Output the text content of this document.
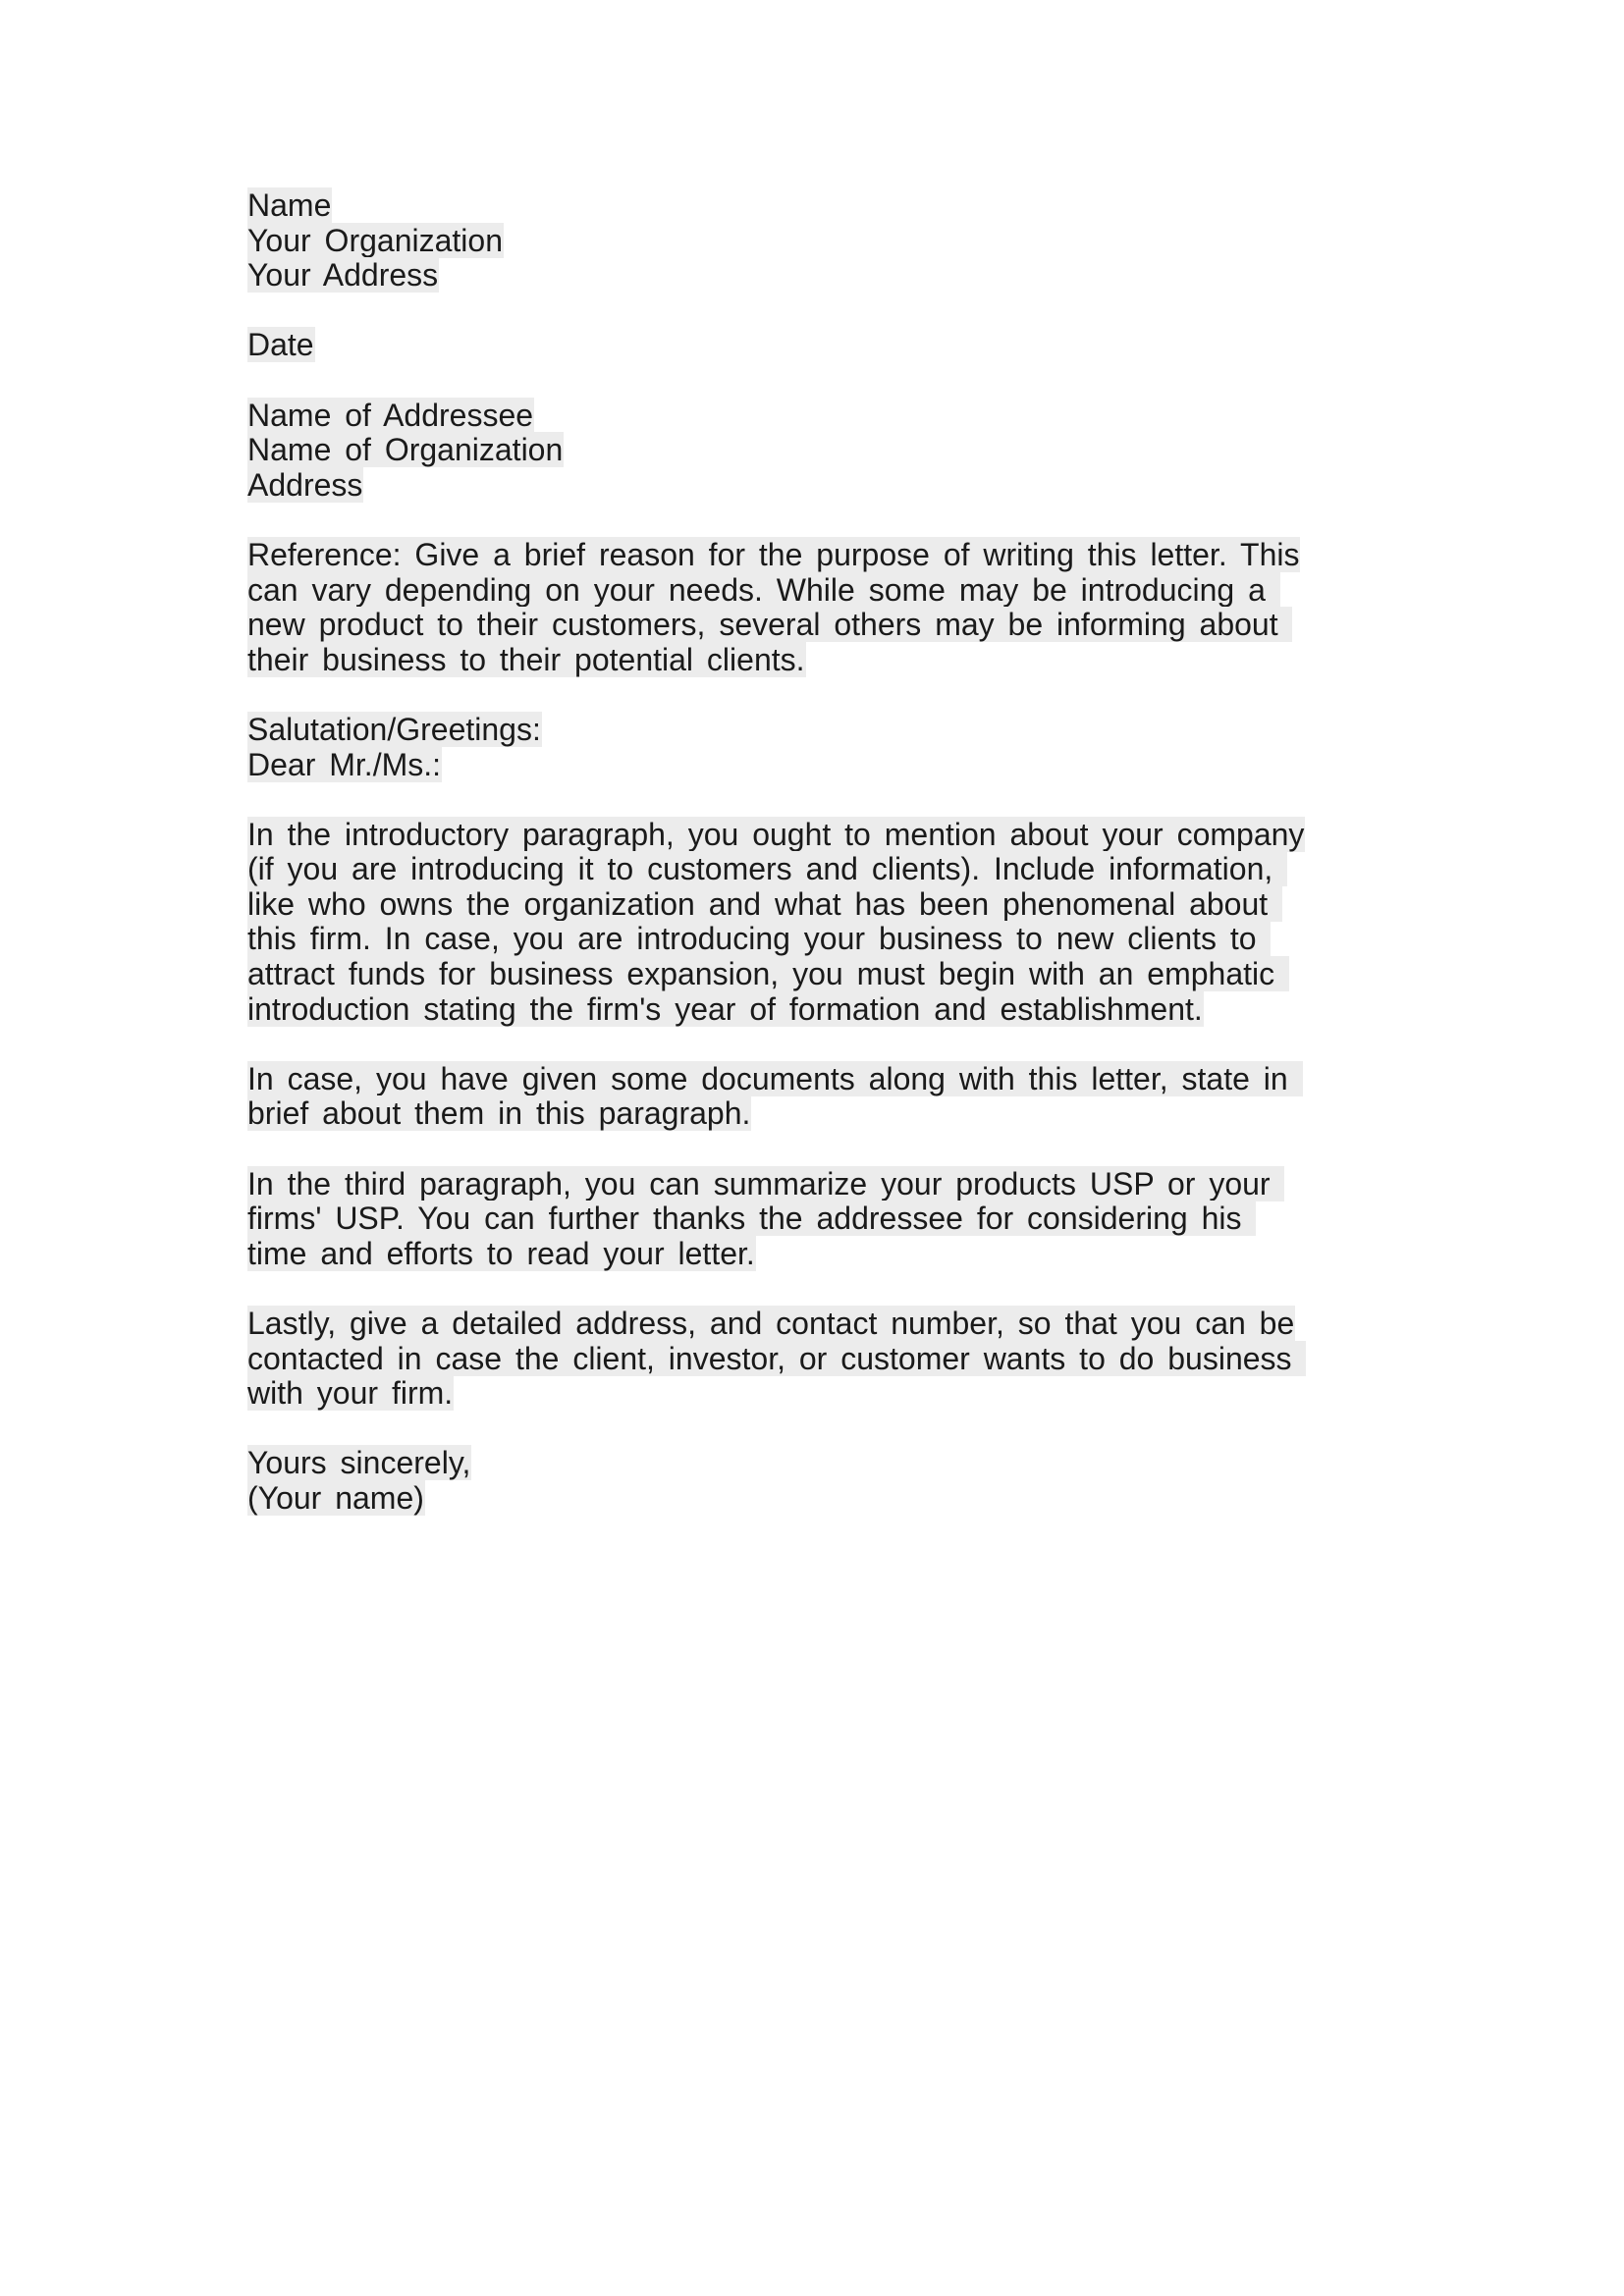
Name
Your Organization
Your Address
Date
Name of Addressee
Name of Organization
Address
Reference: Give a brief reason for the purpose of writing this letter. This
can vary depending on your needs. While some may be introducing a
new product to their customers, several others may be informing about
their business to their potential clients.
Salutation/Greetings:
Dear Mr./Ms.:
In the introductory paragraph, you ought to mention about your company
(if you are introducing it to customers and clients). Include information,
like who owns the organization and what has been phenomenal about
this firm. In case, you are introducing your business to new clients to
attract funds for business expansion, you must begin with an emphatic
introduction stating the firm's year of formation and establishment.
In case, you have given some documents along with this letter, state in
brief about them in this paragraph.
In the third paragraph, you can summarize your products USP or your
firms' USP. You can further thanks the addressee for considering his
time and efforts to read your letter.
Lastly, give a detailed address, and contact number, so that you can be
contacted in case the client, investor, or customer wants to do business
with your firm.
Yours sincerely,
(Your name)
